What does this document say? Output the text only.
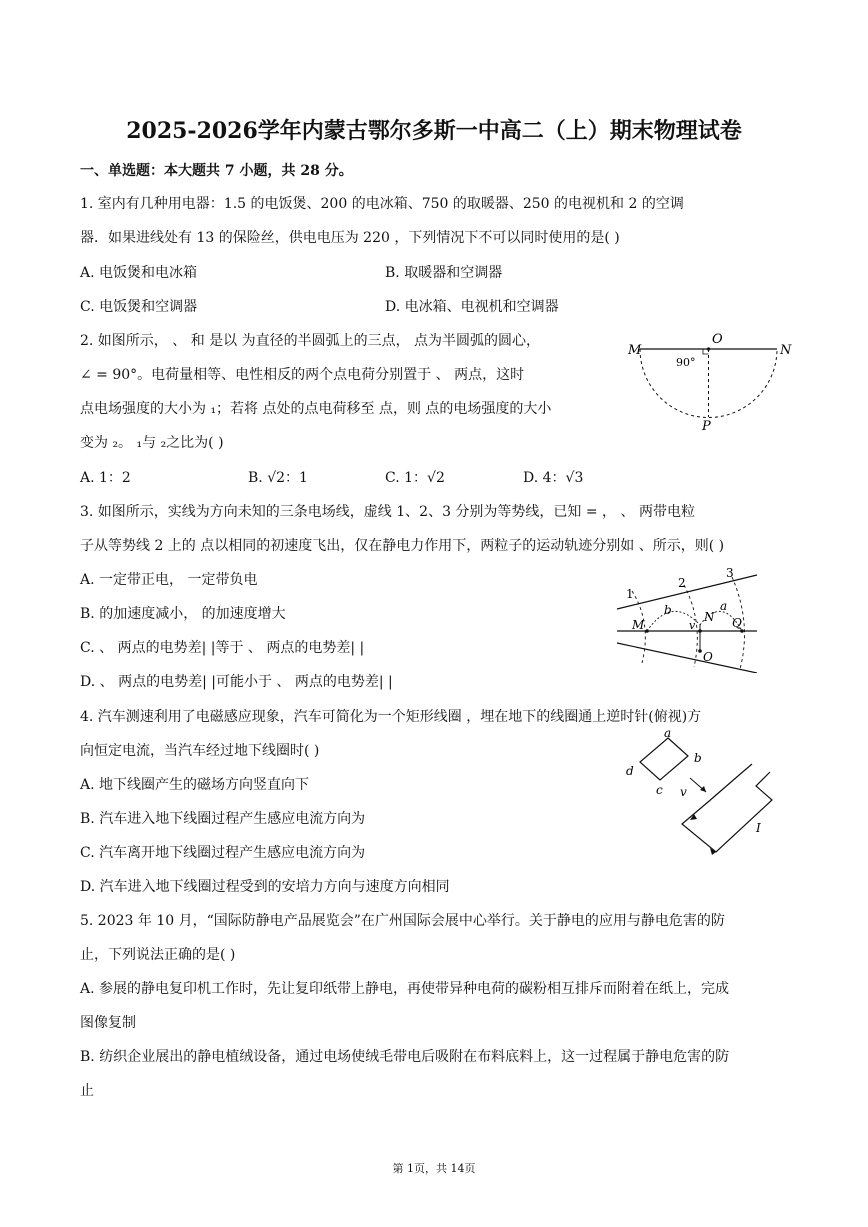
2025-2026学年内蒙古鄂尔多斯一中高二（上）期末物理试卷
一、单选题：本大题共 7 小题，共 28 分。
1. 室内有几种用电器：1.5 的电饭煲、200 的电冰箱、750 的取暖器、250 的电视机和 2 的空调
器．如果进线处有 13 的保险丝，供电电压为 220 ，下列情况下不可以同时使用的是( )
A. 电饭煲和电冰箱	B. 取暖器和空调器
C. 电饭煲和空调器	D. 电冰箱、电视机和空调器
2. 如图所示， 、 和 是以 为直径的半圆弧上的三点， 点为半圆弧的圆心，
∠ = 90°。电荷量相等、电性相反的两个点电荷分别置于 、 两点，这时
点电场强度的大小为 ₁；若将 点处的点电荷移至 点，则 点的电场强度的大小
变为 ₂。 ₁与 ₂之比为( )
A. 1：2	B. √2：1	C. 1：√2	D. 4：√3
M
O
N
P
90°
3. 如图所示，实线为方向未知的三条电场线，虚线 1、2、3 分别为等势线，已知 = ， 、 两带电粒
子从等势线 2 上的 点以相同的初速度飞出，仅在静电力作用下，两粒子的运动轨迹分别如 、所示，则( )
A. 一定带正电， 一定带负电
B. 的加速度减小， 的加速度增大
C. 、 两点的电势差| |等于 、 两点的电势差| |
D. 、 两点的电势差| |可能小于 、 两点的电势差| |
1
2
3
M
N Q
O
a
b
v
4. 汽车测速利用了电磁感应现象，汽车可简化为一个矩形线圈 ，埋在地下的线圈通上逆时针(俯视)方
向恒定电流，当汽车经过地下线圈时( )
A. 地下线圈产生的磁场方向竖直向下
B. 汽车进入地下线圈过程产生感应电流方向为
C. 汽车离开地下线圈过程产生感应电流方向为
D. 汽车进入地下线圈过程受到的安培力方向与速度方向相同
a
b
c
d
v
I
5. 2023 年 10 月，“国际防静电产品展览会”在广州国际会展中心举行。关于静电的应用与静电危害的防
止，下列说法正确的是( )
A. 参展的静电复印机工作时，先让复印纸带上静电，再使带异种电荷的碳粉相互排斥而附着在纸上，完成
图像复制
B. 纺织企业展出的静电植绒设备，通过电场使绒毛带电后吸附在布料底料上，这一过程属于静电危害的防
止
第 1页，共 14页
